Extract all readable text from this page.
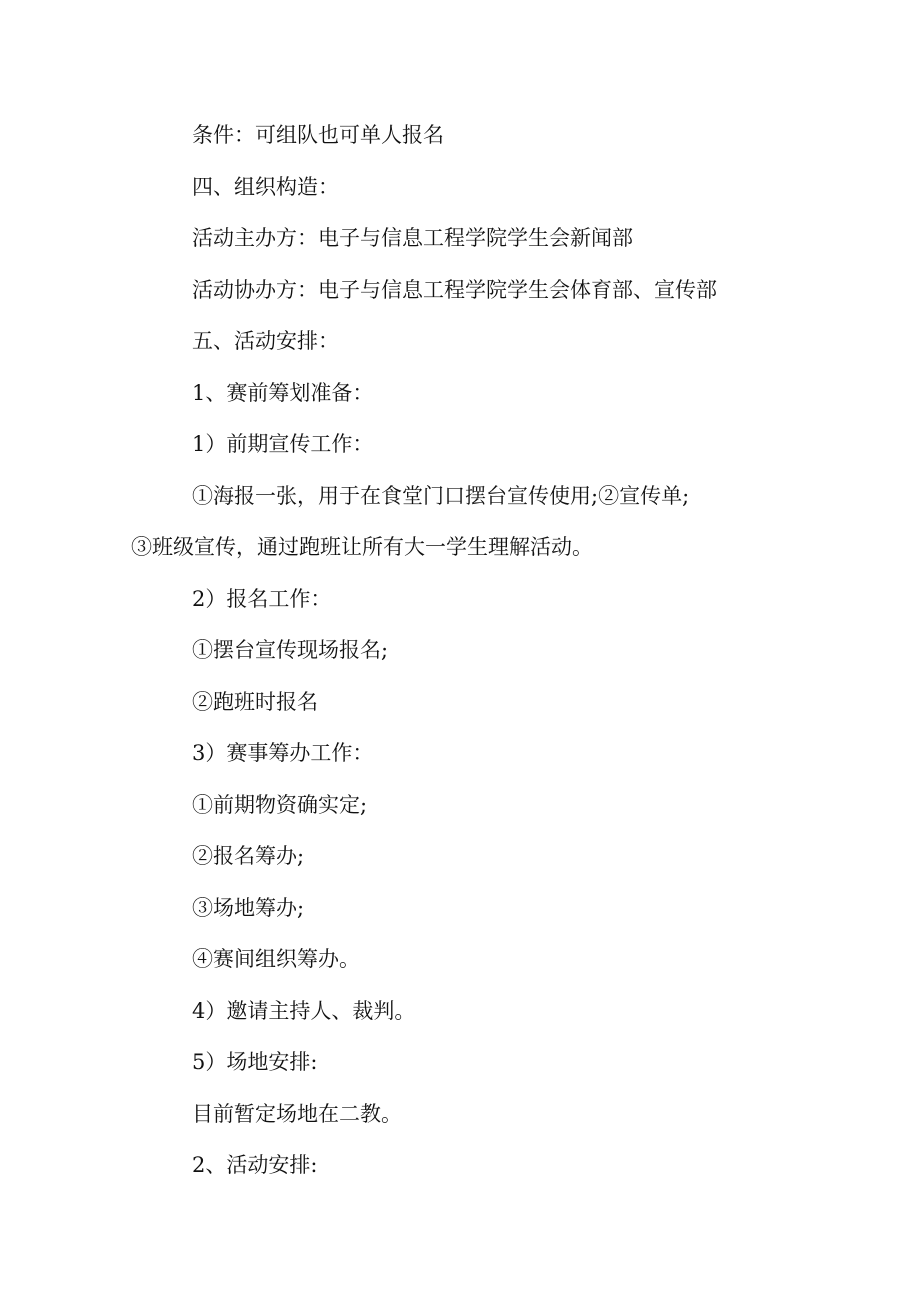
条件：可组队也可单人报名
四、组织构造：
活动主办方：电子与信息工程学院学生会新闻部
活动协办方：电子与信息工程学院学生会体育部、宣传部
五、活动安排：
1、赛前筹划准备：
1）前期宣传工作：
①海报一张，用于在食堂门口摆台宣传使用;②宣传单;
③班级宣传，通过跑班让所有大一学生理解活动。
2）报名工作：
①摆台宣传现场报名;
②跑班时报名
3）赛事筹办工作：
①前期物资确实定;
②报名筹办;
③场地筹办;
④赛间组织筹办。
4）邀请主持人、裁判。
5）场地安排:
目前暂定场地在二教。
2、活动安排:
